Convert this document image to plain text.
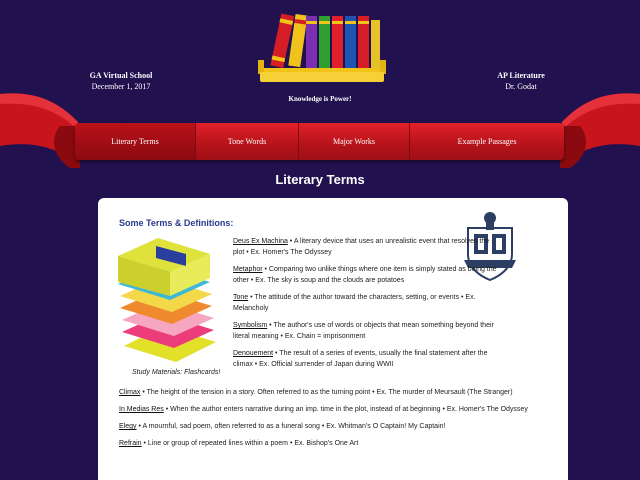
GA Virtual School
December 1, 2017
AP Literature
Dr. Godat
Knowledge is Power!
Literary Terms	Tone Words	Major Works	Example Passages
Literary Terms
Some Terms & Definitions:
Study Materials: Flashcards!
Deus Ex Machina • A literary device that uses an unrealistic event that resolves the plot • Ex. Homer's The Odyssey
Metaphor • Comparing two unlike things where one item is simply stated as being the other • Ex. The sky is soup and the clouds are potatoes
Tone • The attitude of the author toward the characters, setting, or events • Ex. Melancholy
Symbolism • The author's use of words or objects that mean something beyond their literal meaning • Ex. Chain = imprisonment
Denouement • The result of a series of events, usually the final statement after the climax • Ex. Official surrender of Japan during WWII
Climax • The height of the tension in a story. Often referred to as the turning point • Ex. The murder of Meursault (The Stranger)
In Medias Res • When the author enters narrative during an imp. time in the plot, instead of at beginning • Ex. Homer's The Odyssey
Elegy • A mournful, sad poem, often referred to as a funeral song • Ex. Whitman's O Captain! My Captain!
Refrain • Line or group of repeated lines within a poem • Ex. Bishop's One Art
